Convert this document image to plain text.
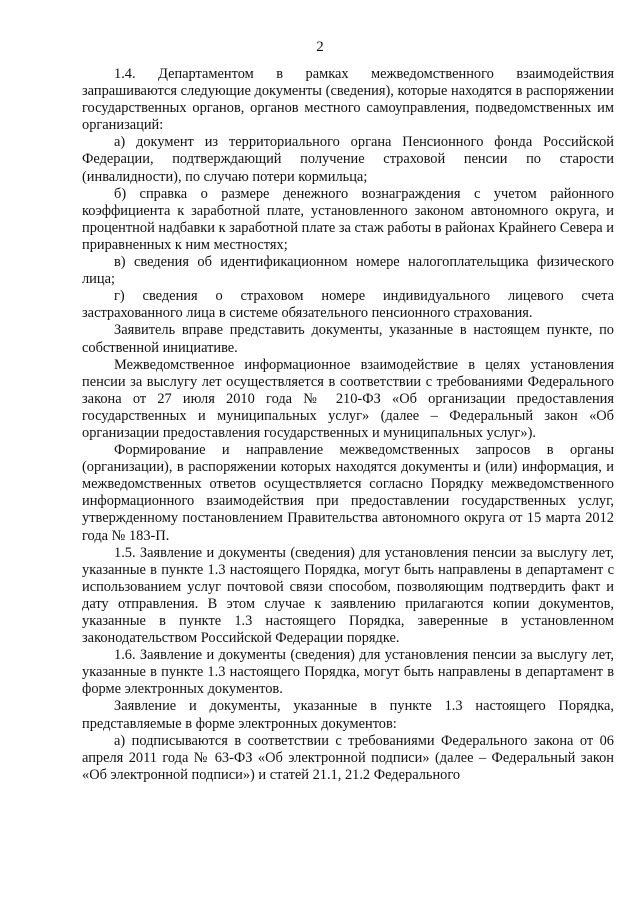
2

1.4. Департаментом в рамках межведомственного взаимодействия запрашиваются следующие документы (сведения), которые находятся в распоряжении государственных органов, органов местного самоуправления, подведомственных им организаций:

а) документ из территориального органа Пенсионного фонда Российской Федерации, подтверждающий получение страховой пенсии по старости (инвалидности), по случаю потери кормильца;

б) справка о размере денежного вознаграждения с учетом районного коэффициента к заработной плате, установленного законом автономного округа, и процентной надбавки к заработной плате за стаж работы в районах Крайнего Севера и приравненных к ним местностях;

в) сведения об идентификационном номере налогоплательщика физического лица;

г) сведения о страховом номере индивидуального лицевого счета застрахованного лица в системе обязательного пенсионного страхования.

Заявитель вправе представить документы, указанные в настоящем пункте, по собственной инициативе.

Межведомственное информационное взаимодействие в целях установления пенсии за выслугу лет осуществляется в соответствии с требованиями Федерального закона от 27 июля 2010 года № 210-ФЗ «Об организации предоставления государственных и муниципальных услуг» (далее – Федеральный закон «Об организации предоставления государственных и муниципальных услуг»).

Формирование и направление межведомственных запросов в органы (организации), в распоряжении которых находятся документы и (или) информация, и межведомственных ответов осуществляется согласно Порядку межведомственного информационного взаимодействия при предоставлении государственных услуг, утвержденному постановлением Правительства автономного округа от 15 марта 2012 года № 183-П.

1.5. Заявление и документы (сведения) для установления пенсии за выслугу лет, указанные в пункте 1.3 настоящего Порядка, могут быть направлены в департамент с использованием услуг почтовой связи способом, позволяющим подтвердить факт и дату отправления. В этом случае к заявлению прилагаются копии документов, указанные в пункте 1.3 настоящего Порядка, заверенные в установленном законодательством Российской Федерации порядке.

1.6. Заявление и документы (сведения) для установления пенсии за выслугу лет, указанные в пункте 1.3 настоящего Порядка, могут быть направлены в департамент в форме электронных документов.

Заявление и документы, указанные в пункте 1.3 настоящего Порядка, представляемые в форме электронных документов:

а) подписываются в соответствии с требованиями Федерального закона от 06 апреля 2011 года № 63-ФЗ «Об электронной подписи» (далее – Федеральный закон «Об электронной подписи») и статей 21.1, 21.2 Федерального
